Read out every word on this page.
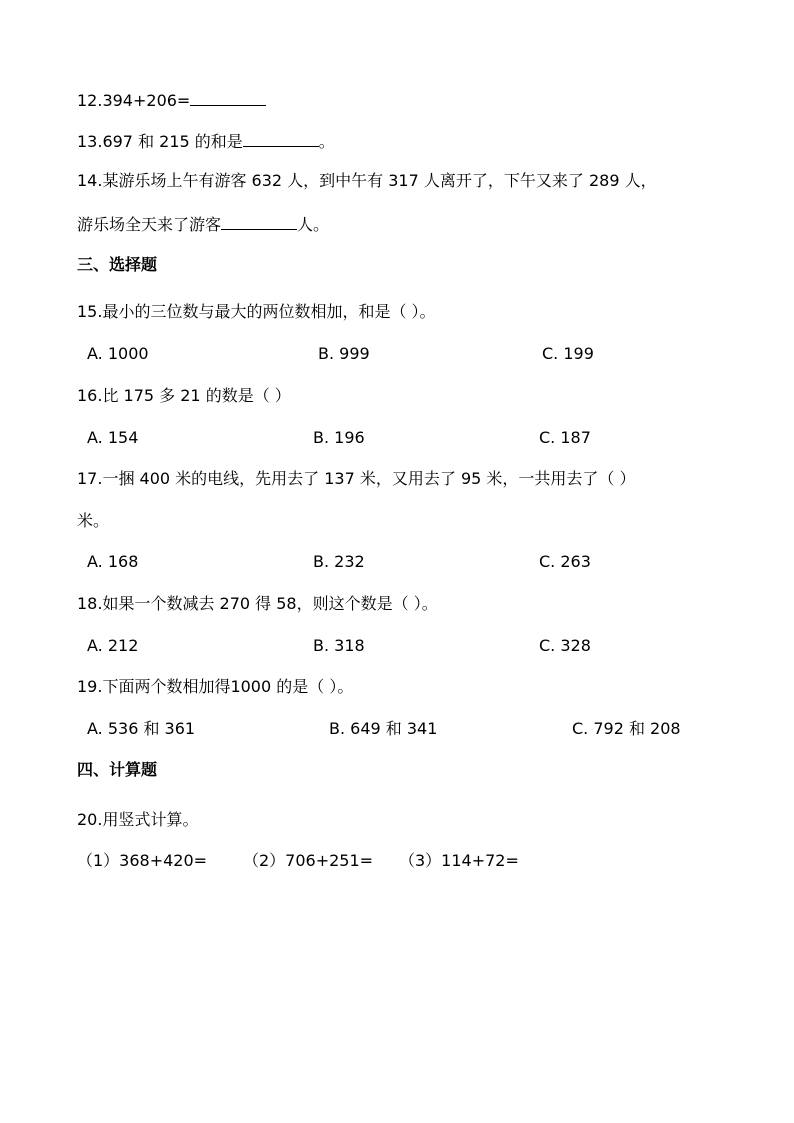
12.394+206=
13.697 和 215 的和是	。
14.某游乐场上午有游客 632 人，到中午有 317 人离开了，下午又来了 289 人，
游乐场全天来了游客	人。
三、选择题
15.最小的三位数与最大的两位数相加，和是（ ）。
A. 1000	B. 999	C. 199
16.比 175 多 21 的数是（ ）
A. 154	B. 196	C. 187
17.一捆 400 米的电线，先用去了 137 米，又用去了 95 米，一共用去了（ ）
米。
A. 168	B. 232	C. 263
18.如果一个数减去 270 得 58，则这个数是（ ）。
A. 212	B. 318	C. 328
19.下面两个数相加得1000 的是（ ）。
A. 536 和 361	B. 649 和 341	C. 792 和 208
四、计算题
20.用竖式计算。
（1）368+420= （2）706+251= （3）114+72=
